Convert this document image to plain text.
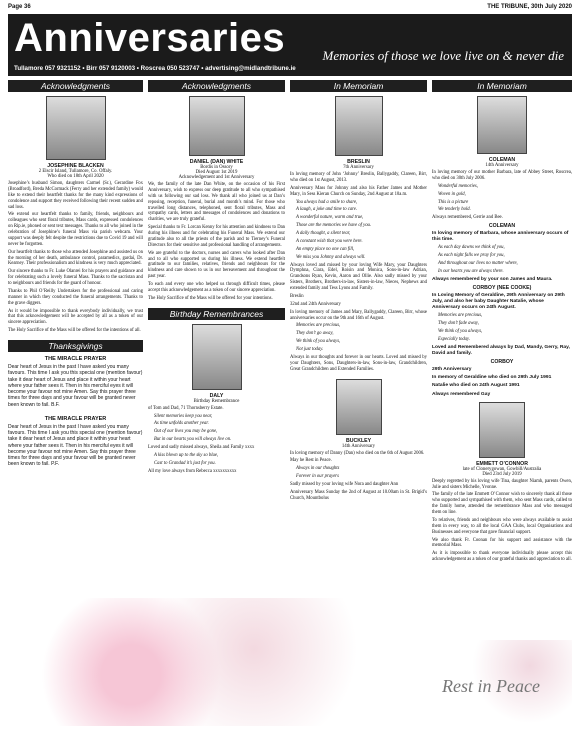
Page 36	THE TRIBUNE, 30th July 2020
Anniversaries	Memories of those we love live on & never die
Tullamore 057 9321152 • Birr 057 9120003 • Roscrea 050 523747 • advertising@midlandtribune.ie
Acknowledgments
JOSEPHINE BLACKEN
2 Elscir Island, Tullamore, Co. Offaly.
Who died on 18th April 2020
Josephine’s husband Simon, daughters Carmel (Sr.), Gerardine Fox (Broadford), Breda McCormack (Ferry and her extended family) would like to extend their heartfelt thanks for the many kind expressions of condolence and support they received following their recent sudden and sad loss.
We extend our heartfelt thanks to family, friends, neighbours and colleagues who sent floral tributes, Mass cards, expressed condolences on Rip.ie, phoned or sent text messages. Thanks to all who joined in the celebration of Josephine’s funeral Mass via parish webcam. Your support was deeply felt despite the restrictions due to Covid 19 and will never be forgotten.
Our heartfelt thanks to those who attended Josephine and assisted us on the morning of her death, ambulance control, paramedics, gardaí, Dr. Kearney. Their professionalism and kindness is very much appreciated.
Our sincere thanks to Fr. Luke Olanrei for his prayers and guidance and for celebrating such a lovely funeral Mass. Thanks to the sacristan and to neighbours and friends for the guard of honour.
Thanks to Phil O’Reilly Undertakers for the professional and caring manner in which they conducted the funeral arrangements. Thanks to the grave diggers.
As it would be impossible to thank everybody individually, we trust that this acknowledgement will be accepted by all as a token of our sincere appreciation.
The Holy Sacrifice of the Mass will be offered for the intentions of all.
Thanksgivings
THE MIRACLE PRAYER
Dear heart of Jesus in the past I have asked you many favours. This time I ask you this special one (mention favour) take it dear heart of Jesus and place it within your heart where your father sees it. Then in his merciful eyes it will become your favour not mine Amen. Say this prayer three times for three days and your favour will be granted never been known to fail. B.F.
THE MIRACLE PRAYER
Dear heart of Jesus in the past I have asked you many favours. This time I ask you this special one (mention favour) take it dear heart of Jesus and place it within your heart where your father sees it. Then in his merciful eyes it will become your favour not mine Amen. Say this prayer three times for three days and your favour will be granted never been known to fail. P.F.
Acknowledgments
DANIEL (DAN) WHITE
Bordís in Ossory
Died August 1st 2019
Acknowledgement and 1st Anniversary
We, the family of the late Dan White, on the occasion of his First Anniversary, wish to express our deep gratitude to all who sympathised with us following our sad loss. We thank all who joined us at Dan’s reposing, reception, funeral, burial and month’s mind. For those who travelled long distances, telephoned, sent floral tributes, Mass and sympathy cards, letters and messages of condolences and donations to charities, we are truly grateful.
Special thanks to Fr. Lorcan Kenny for his attention and kindness to Dan during his illness and for celebrating his Funeral Mass. We extend our gratitude also to all the priests of the parish and to Tierney’s Funeral Directors for their sensitive and professional handling of arrangements.
We are grateful to the doctors, nurses and carers who looked after Dan and to all who supported us during his illness. We extend heartfelt gratitude to our families, relatives, friends and neighbours for the kindness and care shown to us in our bereavement and throughout the past year.
To each and every one who helped us through difficult times, please accept this acknowledgement as a token of our sincere appreciation.
The Holy Sacrifice of the Mass will be offered for your intentions.
Birthday Remembrances
DALY
Birthday Remembrance
of Tom and Dad, 71 Thornsberry Estate.
Silent memories keep you near,
As time unfolds another year.
Out of our lives you may be gone,
But in our hearts you will always live on.
Loved and sadly missed always, Sheila and Family xxxx
A kiss blown up to the sky so blue,
Cast to Grandad it’s just for you.
All my love always from Rebecca xxxxxxxxxx
In Memoriam
BRESLIN
7th Anniversary
In loving memory of John ‘Johnny’ Breslin, Ballygaddy, Clareen, Birr, who died on 1st August, 2013.
Anniversary Mass for Johnny and also his Father James and Mother Mary, in Sess Kieran Church on Sunday, 2nd August at 10a.m.
You always had a smile to share,
A laugh, a joke and time to care.
A wonderful nature, warm and true,
Those are the memories we have of you.
A daily thought, a silent tear,
A constant wish that you were here.
An empty place no one can fill,
We miss you Johnny and always will.
Always loved and missed by your loving Wife Mary, your Daughters Dymphna, Ciara, Edel, Roisin and Monica, Sons-in-law Adrian, Grandsons Ryan, Kevin, Aaron and Ollie. Also sadly missed by your Sisters, Brothers, Brothers-in-law, Sisters-in-law, Nieces, Nephews and extended family and Tess Lyons and Family.
Breslin
32nd and 24th Anniversary
In loving memory of James and Mary, Ballygaddy, Clareen, Birr, whose anniversaries occur on the 9th and 16th of August.
Memories are precious,
They don’t go away,
We think of you always,
Not just today.
Always in our thoughts and forever in our hearts. Loved and missed by your Daughters, Sons, Daughters-in-law, Sons-in-law, Grandchildren, Great Grandchildren and Extended Families.
BUCKLEY
14th Anniversary
In loving memory of Danny (Dan) who died on the 6th of August 2006.
May he Rest in Peace.
Always in our thoughts
Forever in our prayers
Sadly missed by your loving wife Nora and daughter Ann
Anniversary Mass Sunday the 2nd of August at 10.00am in St. Brigid’s Church, Mountbolus
In Memoriam
COLEMAN
14th Anniversary
In loving memory of our mother Barbara, late of Abbey Street, Roscrea, who died on 30th July 2006.
Wonderful memories,
Woven in gold,
This is a picture
We tenderly hold.
Always remembered, Gerrie and Bee.
COLEMAN
In loving memory of Barbara, whose anniversary occurs of this time.
As each day dawns we think of you,
As each night falls we pray for you,
And throughout our lives no matter where,
In our hearts you are always there.
Always remembered by your son James and Maura.
CORBOY (NEE COOKE)
In Loving Memory of Geraldine, 29th Anniversary on 29th July, and also her baby Daughter Natalie, whose Anniversary occurs on 24th August.
Memories are precious,
They don’t fade away,
We think of you always,
Especially today.
Loved and Remembered always by Dad, Mandy, Gerry, Ray, David and family.
CORBOY
29th Anniversary
In memory of Geraldine who died on 29th July 1991
Natalie who died on 24th August 1991
Always remembered Gay
EMMETT O’CONNOR
late of Clonerygowan, Gowbill/Australia
Died 23rd July 2019
Deeply regretted by his loving wife Tina, daughter Niamh, parents Owen, Julie and sisters Michelle, Yvonne.
The family of the late Emmett O’Connor wish to sincerely thank all those who supported and sympathised with them, who sent Mass cards, called to the family home, attended the remembrance Mass and who messaged them on line.
To relatives, friends and neighbours who were always available to assist them in every way, to all the local GAA Clubs, local Organisations and Businesses and everyone that gave financial support.
We also thank Fr. Coonan for his support and assistance with the memorial Mass.
As it is impossible to thank everyone individually please accept this acknowledgement as a token of our grateful thanks and appreciation to all.
Rest in Peace
